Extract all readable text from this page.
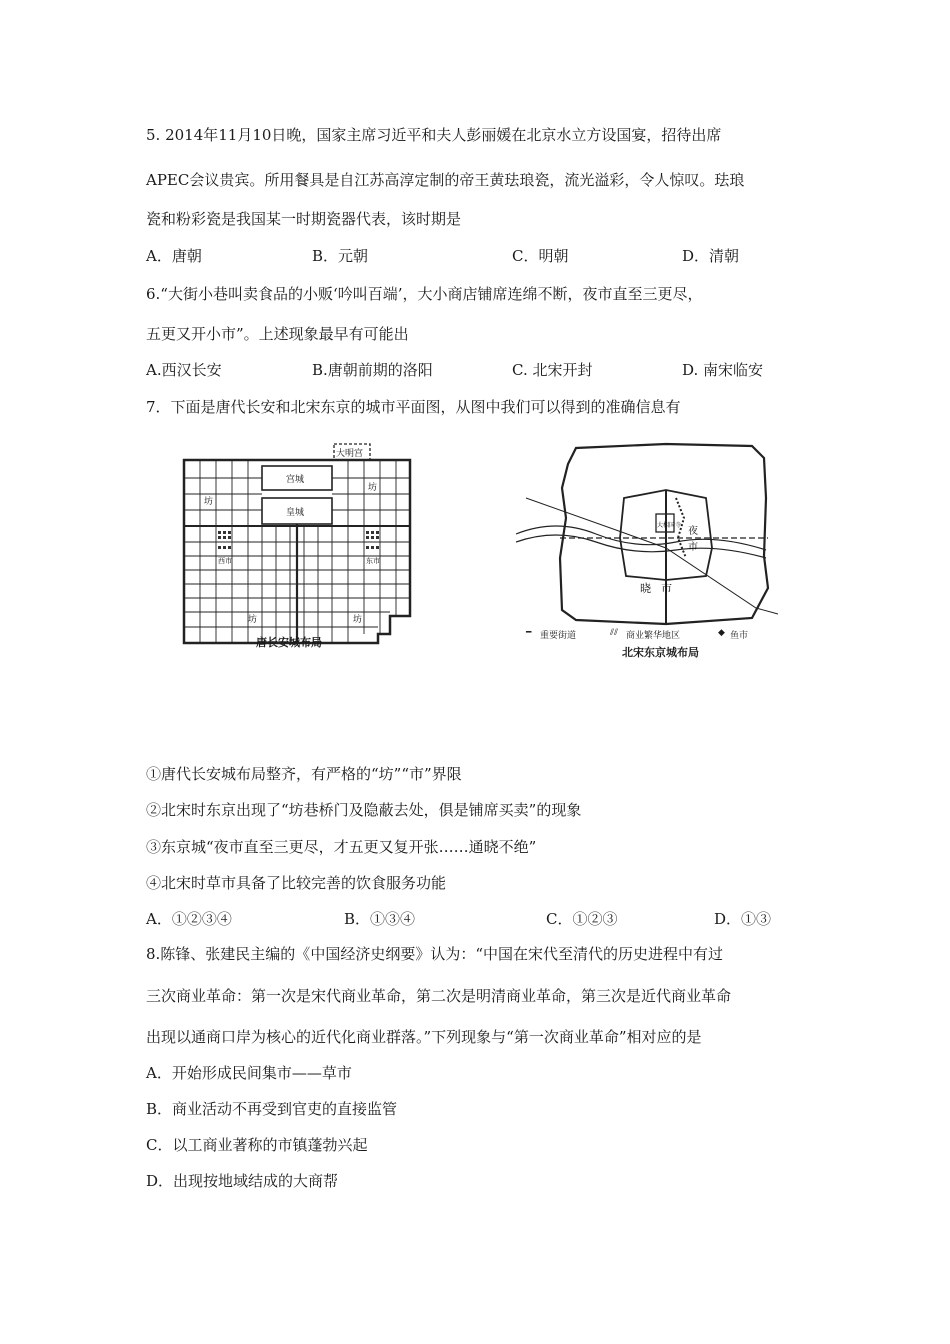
5. 2014年11月10日晚，国家主席习近平和夫人彭丽媛在北京水立方设国宴，招待出席
APEC会议贵宾。所用餐具是自江苏高淳定制的帝王黄珐琅瓷，流光溢彩，令人惊叹。珐琅
瓷和粉彩瓷是我国某一时期瓷器代表，该时期是
A．唐朝	B．元朝	C．明朝	D．清朝
6.“大街小巷叫卖食品的小贩‘吟叫百端’，大小商店铺席连绵不断，夜市直至三更尽，
五更又开小市”。上述现象最早有可能出
A.西汉长安	B.唐朝前期的洛阳	C. 北宋开封	D. 南宋临安
7．下面是唐代长安和北宋东京的城市平面图，从图中我们可以得到的准确信息有
大明宫
宫城
皇城
坊
坊
坊	坊
西市	东市
唐长安城布局
大相国寺
夜
市
晓市
━ 重要街道	⫽⫽ 商业繁华地区	◆ 鱼市
北宋东京城布局
①唐代长安城布局整齐，有严格的“坊”“市”界限
②北宋时东京出现了“坊巷桥门及隐蔽去处，俱是铺席买卖”的现象
③东京城“夜市直至三更尽，才五更又复开张……通晓不绝”
④北宋时草市具备了比较完善的饮食服务功能
A．①②③④	B．①③④	C．①②③	D．①③
8.陈锋、张建民主编的《中国经济史纲要》认为：“中国在宋代至清代的历史进程中有过
三次商业革命：第一次是宋代商业革命，第二次是明清商业革命，第三次是近代商业革命
出现以通商口岸为核心的近代化商业群落。”下列现象与“第一次商业革命”相对应的是
A．开始形成民间集市——草市
B．商业活动不再受到官吏的直接监管
C．以工商业著称的市镇蓬勃兴起
D．出现按地域结成的大商帮
